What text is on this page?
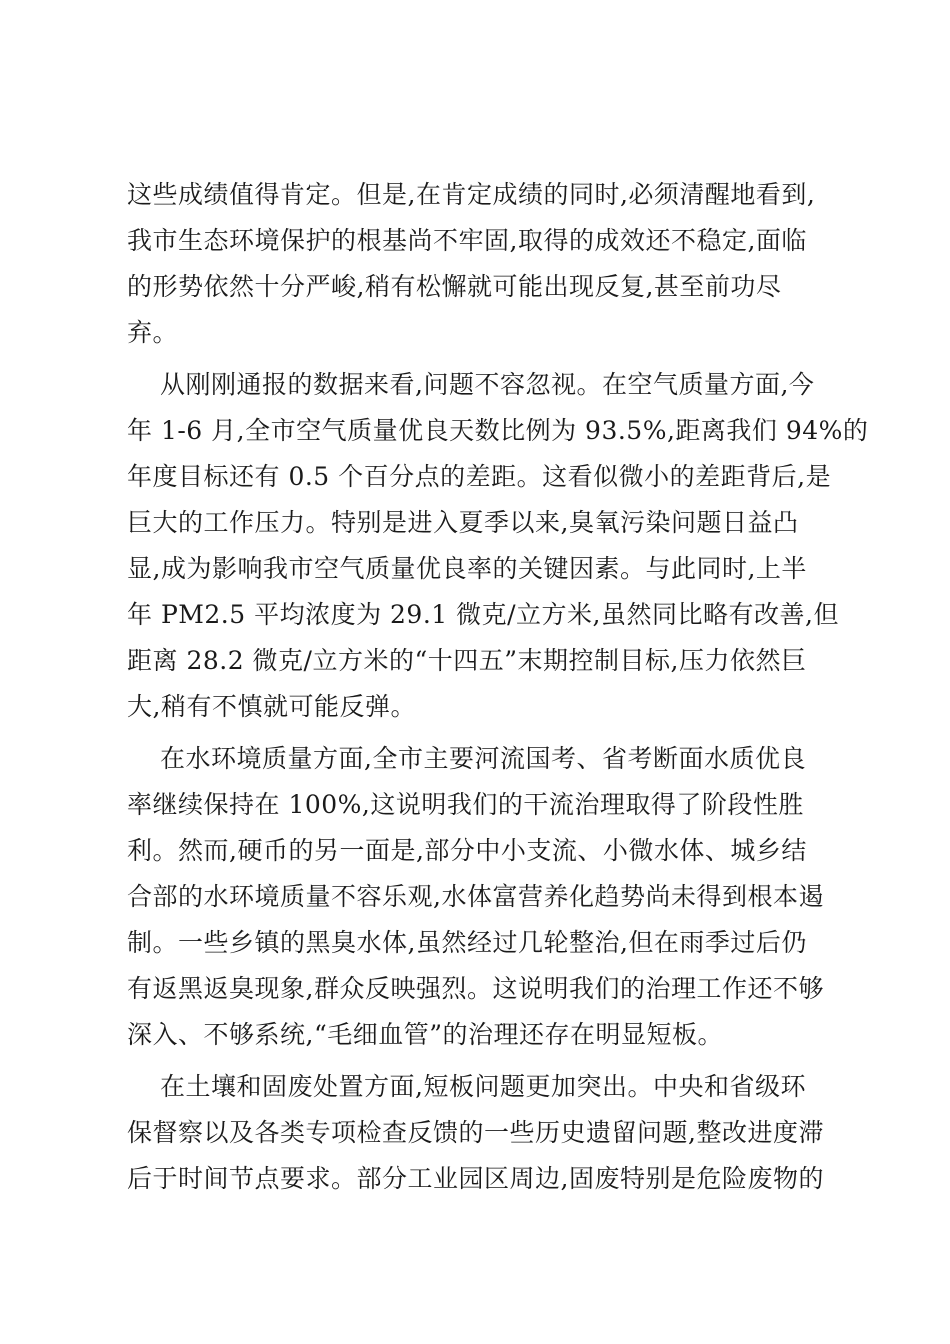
这些成绩值得肯定。但是,在肯定成绩的同时,必须清醒地看到,
我市生态环境保护的根基尚不牢固,取得的成效还不稳定,面临
的形势依然十分严峻,稍有松懈就可能出现反复,甚至前功尽
弃。
从刚刚通报的数据来看,问题不容忽视。在空气质量方面,今
年 1-6 月,全市空气质量优良天数比例为 93.5%,距离我们 94%的
年度目标还有 0.5 个百分点的差距。这看似微小的差距背后,是
巨大的工作压力。特别是进入夏季以来,臭氧污染问题日益凸
显,成为影响我市空气质量优良率的关键因素。与此同时,上半
年 PM2.5 平均浓度为 29.1 微克/立方米,虽然同比略有改善,但
距离 28.2 微克/立方米的“十四五”末期控制目标,压力依然巨
大,稍有不慎就可能反弹。
在水环境质量方面,全市主要河流国考、省考断面水质优良
率继续保持在 100%,这说明我们的干流治理取得了阶段性胜
利。然而,硬币的另一面是,部分中小支流、小微水体、城乡结
合部的水环境质量不容乐观,水体富营养化趋势尚未得到根本遏
制。一些乡镇的黑臭水体,虽然经过几轮整治,但在雨季过后仍
有返黑返臭现象,群众反映强烈。这说明我们的治理工作还不够
深入、不够系统,“毛细血管”的治理还存在明显短板。
在土壤和固废处置方面,短板问题更加突出。中央和省级环
保督察以及各类专项检查反馈的一些历史遗留问题,整改进度滞
后于时间节点要求。部分工业园区周边,固废特别是危险废物的
